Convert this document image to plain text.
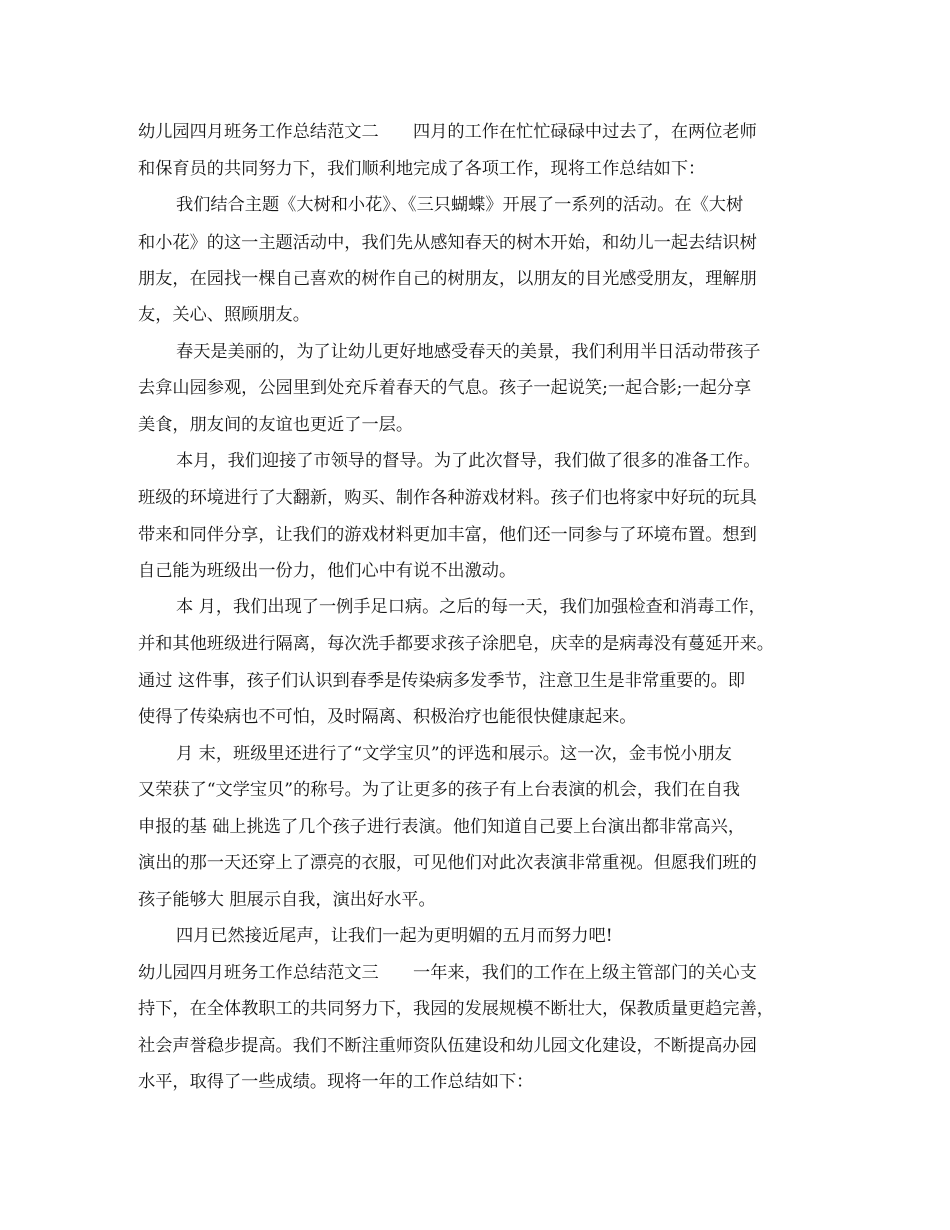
幼儿园四月班务工作总结范文二　　四月的工作在忙忙碌碌中过去了，在两位老师
和保育员的共同努力下，我们顺利地完成了各项工作，现将工作总结如下：
我们结合主题《大树和小花》、《三只蝴蝶》开展了一系列的活动。在《大树
和小花》的这一主题活动中，我们先从感知春天的树木开始，和幼儿一起去结识树
朋友，在园找一棵自己喜欢的树作自己的树朋友，以朋友的目光感受朋友，理解朋
友，关心、照顾朋友。
春天是美丽的，为了让幼儿更好地感受春天的美景，我们利用半日活动带孩子
去弇山园参观，公园里到处充斥着春天的气息。孩子一起说笑;一起合影;一起分享
美食，朋友间的友谊也更近了一层。
本月，我们迎接了市领导的督导。为了此次督导，我们做了很多的准备工作。
班级的环境进行了大翻新，购买、制作各种游戏材料。孩子们也将家中好玩的玩具
带来和同伴分享，让我们的游戏材料更加丰富，他们还一同参与了环境布置。想到
自己能为班级出一份力，他们心中有说不出激动。
本 月，我们出现了一例手足口病。之后的每一天，我们加强检查和消毒工作，
并和其他班级进行隔离，每次洗手都要求孩子涂肥皂，庆幸的是病毒没有蔓延开来。
通过 这件事，孩子们认识到春季是传染病多发季节，注意卫生是非常重要的。即
使得了传染病也不可怕，及时隔离、积极治疗也能很快健康起来。
月 末，班级里还进行了“文学宝贝”的评选和展示。这一次，金韦悦小朋友
又荣获了“文学宝贝”的称号。为了让更多的孩子有上台表演的机会，我们在自我
申报的基 础上挑选了几个孩子进行表演。他们知道自己要上台演出都非常高兴，
演出的那一天还穿上了漂亮的衣服，可见他们对此次表演非常重视。但愿我们班的
孩子能够大 胆展示自我，演出好水平。
四月已然接近尾声，让我们一起为更明媚的五月而努力吧!
幼儿园四月班务工作总结范文三　　一年来，我们的工作在上级主管部门的关心支
持下，在全体教职工的共同努力下，我园的发展规模不断壮大，保教质量更趋完善，
社会声誉稳步提高。我们不断注重师资队伍建设和幼儿园文化建设，不断提高办园
水平，取得了一些成绩。现将一年的工作总结如下：
